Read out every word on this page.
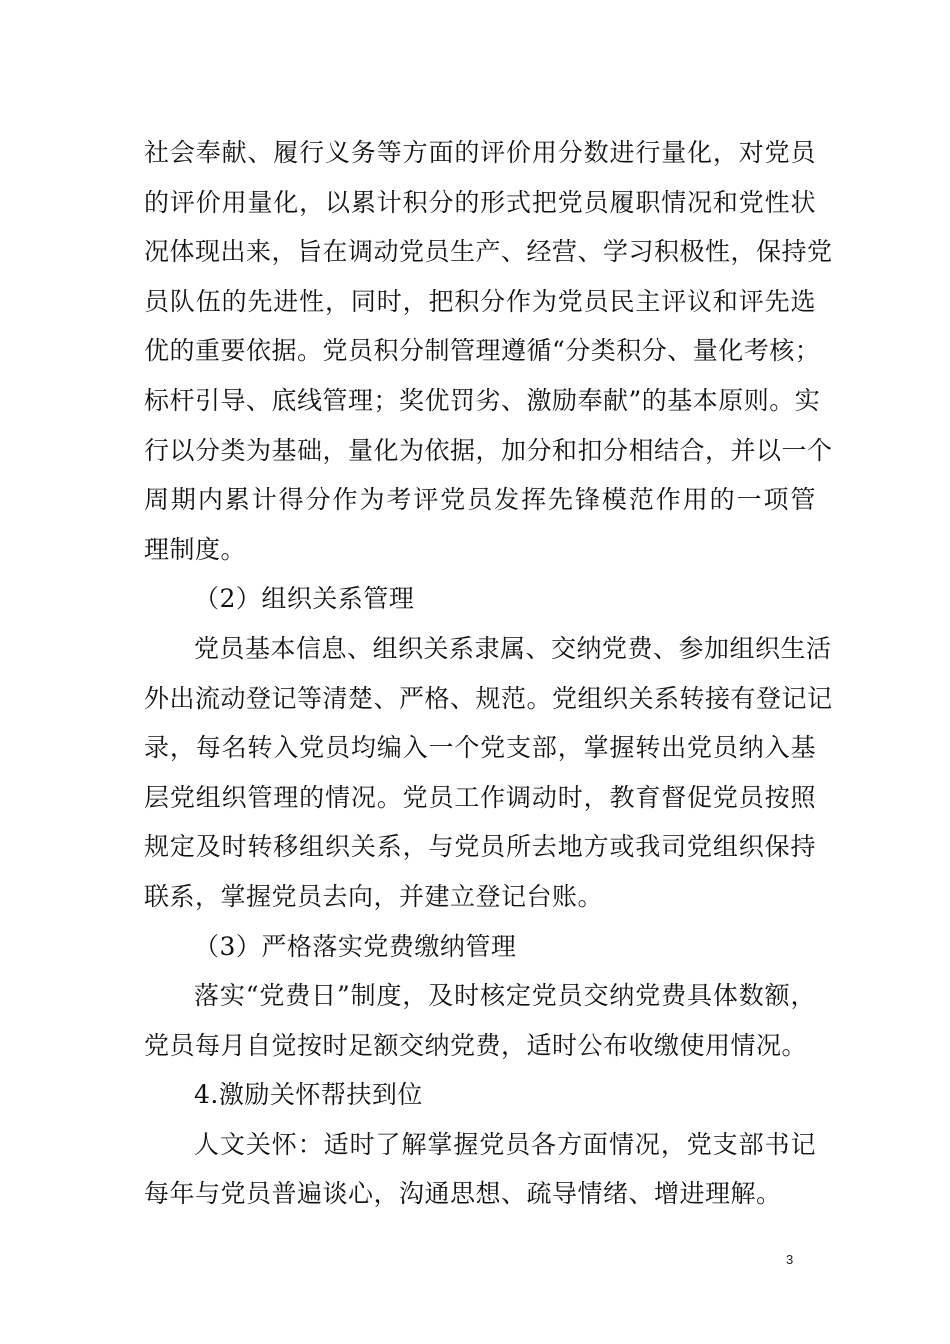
社会奉献、履行义务等方面的评价用分数进行量化，对党员
的评价用量化，以累计积分的形式把党员履职情况和党性状
况体现出来，旨在调动党员生产、经营、学习积极性，保持党
员队伍的先进性，同时，把积分作为党员民主评议和评先选
优的重要依据。党员积分制管理遵循“分类积分、量化考核；
标杆引导、底线管理；奖优罚劣、激励奉献”的基本原则。实
行以分类为基础，量化为依据，加分和扣分相结合，并以一个
周期内累计得分作为考评党员发挥先锋模范作用的一项管
理制度。
（2）组织关系管理
党员基本信息、组织关系隶属、交纳党费、参加组织生活
外出流动登记等清楚、严格、规范。党组织关系转接有登记记
录，每名转入党员均编入一个党支部，掌握转出党员纳入基
层党组织管理的情况。党员工作调动时，教育督促党员按照
规定及时转移组织关系，与党员所去地方或我司党组织保持
联系，掌握党员去向，并建立登记台账。
（3）严格落实党费缴纳管理
落实“党费日”制度，及时核定党员交纳党费具体数额，
党员每月自觉按时足额交纳党费，适时公布收缴使用情况。
4.激励关怀帮扶到位
人文关怀：适时了解掌握党员各方面情况，党支部书记
每年与党员普遍谈心，沟通思想、疏导情绪、增进理解。
3
